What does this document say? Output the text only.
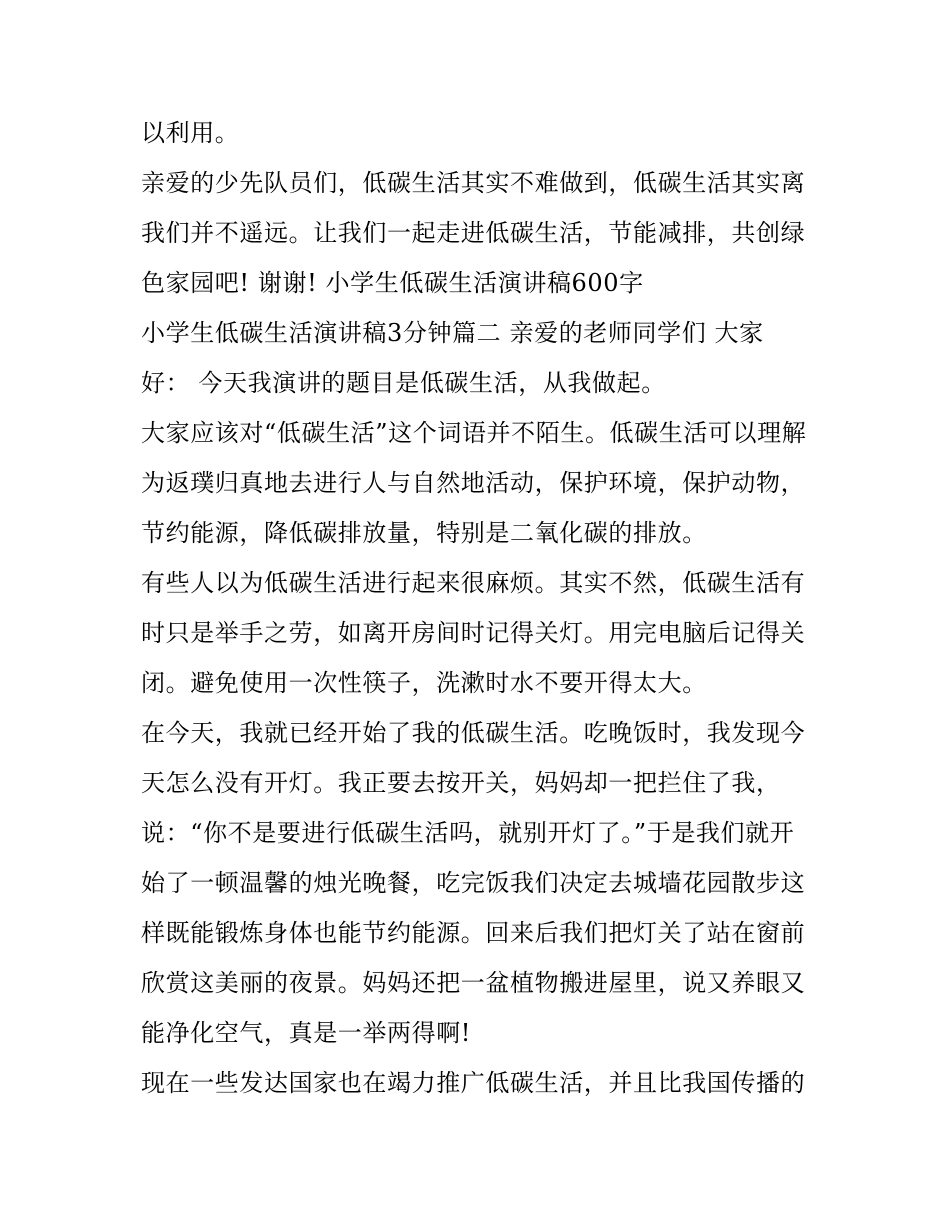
以利用。
亲爱的少先队员们，低碳生活其实不难做到，低碳生活其实离
我们并不遥远。让我们一起走进低碳生活，节能减排，共创绿
色家园吧! 谢谢! 小学生低碳生活演讲稿600字
小学生低碳生活演讲稿3分钟篇二 亲爱的老师同学们 大家
好： 今天我演讲的题目是低碳生活，从我做起。
大家应该对“低碳生活”这个词语并不陌生。低碳生活可以理解
为返璞归真地去进行人与自然地活动，保护环境，保护动物，
节约能源，降低碳排放量，特别是二氧化碳的排放。
有些人以为低碳生活进行起来很麻烦。其实不然，低碳生活有
时只是举手之劳，如离开房间时记得关灯。用完电脑后记得关
闭。避免使用一次性筷子，洗漱时水不要开得太大。
在今天，我就已经开始了我的低碳生活。吃晚饭时，我发现今
天怎么没有开灯。我正要去按开关，妈妈却一把拦住了我，
说：“你不是要进行低碳生活吗，就别开灯了。”于是我们就开
始了一顿温馨的烛光晚餐，吃完饭我们决定去城墙花园散步这
样既能锻炼身体也能节约能源。回来后我们把灯关了站在窗前
欣赏这美丽的夜景。妈妈还把一盆植物搬进屋里，说又养眼又
能净化空气，真是一举两得啊!
现在一些发达国家也在竭力推广低碳生活，并且比我国传播的
